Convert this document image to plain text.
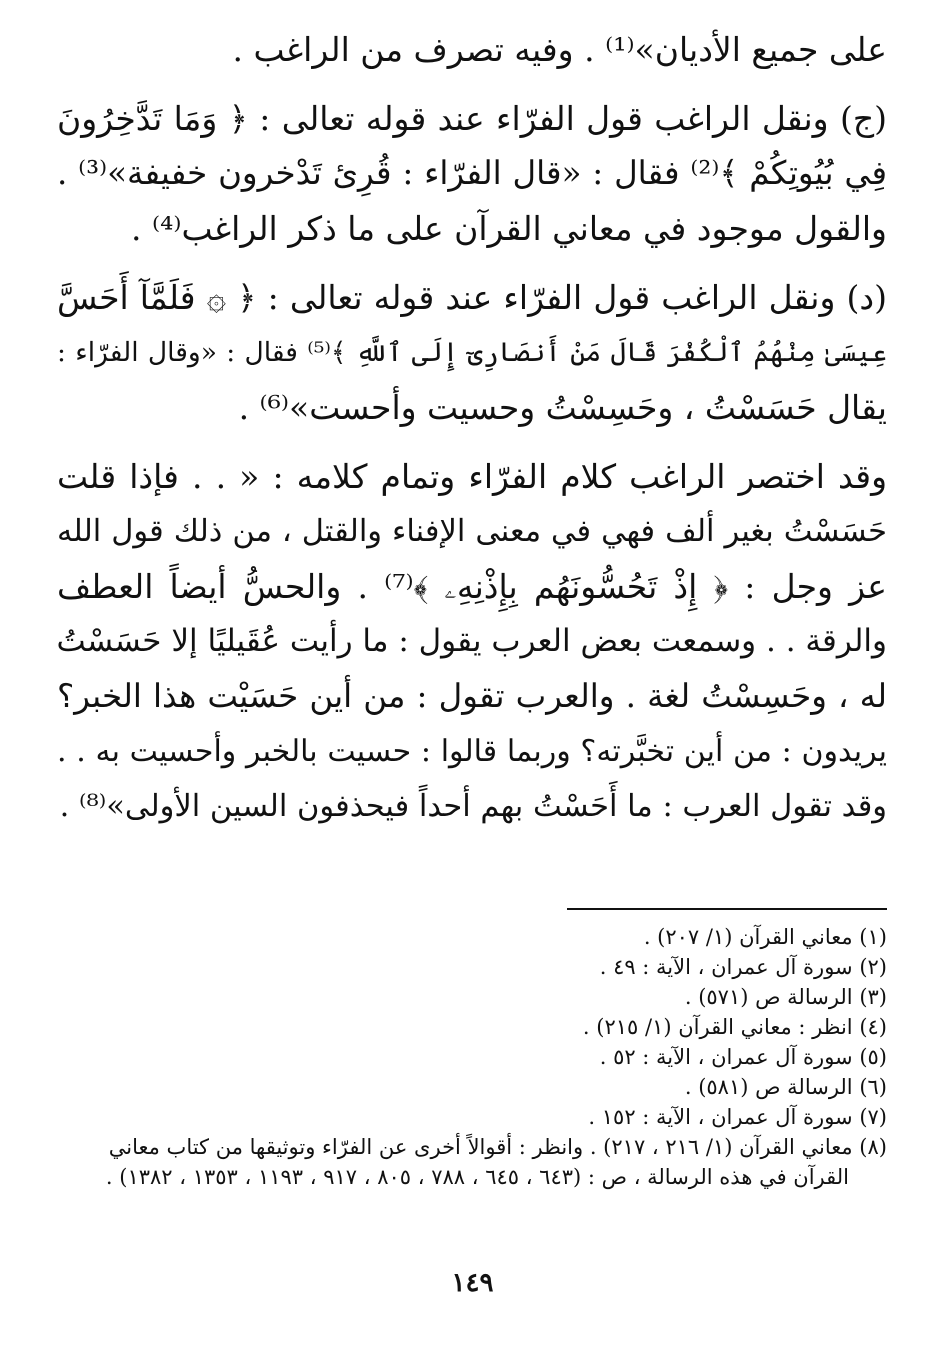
على جميع الأديان»⁽¹⁾ . وفيه تصرف من الراغب .
(ج) ونقل الراغب قول الفرّاء عند قوله تعالى : ﴿ وَمَا تَدَّخِرُونَ
فِي بُيُوتِكُمْ ﴾⁽²⁾ فقال : «قال الفرّاء : قُرِئ تَدْخرون خفيفة»⁽³⁾ .
والقول موجود في معاني القرآن على ما ذكر الراغب⁽⁴⁾ .
(د) ونقل الراغب قول الفرّاء عند قوله تعالى : ﴿ ۞ فَلَمَّآ أَحَسَّ
عِيسَىٰ مِنْهُمُ ٱلْكُفْرَ قَالَ مَنْ أَنصَارِىٓ إِلَى ٱللَّهِ ﴾⁽⁵⁾ فقال : «وقال الفرّاء :
يقال حَسَسْتُ ، وحَسِسْتُ وحسيت وأحست»⁽⁶⁾ .
وقد اختصر الراغب كلام الفرّاء وتمام كلامه : « . . فإذا قلت
حَسَسْتُ بغير ألف فهي في معنى الإفناء والقتل ، من ذلك قول الله
عز وجل : ﴿ إِذْ تَحُسُّونَهُم بِإِذْنِهِۦ ﴾⁽⁷⁾ . والحسُّ أيضاً العطف
والرقة . . وسمعت بعض العرب يقول : ما رأيت عُقَيليًا إلا حَسَسْتُ
له ، وحَسِسْتُ لغة . والعرب تقول : من أين حَسَيْت هذا الخبر؟
يريدون : من أين تخبَّرته؟ وربما قالوا : حسيت بالخبر وأحسيت به . .
وقد تقول العرب : ما أَحَسْتُ بهم أحداً فيحذفون السين الأولى»⁽⁸⁾ .
(١) معاني القرآن (١/ ٢٠٧) .
(٢) سورة آل عمران ، الآية : ٤٩ .
(٣) الرسالة ص (٥٧١) .
(٤) انظر : معاني القرآن (١/ ٢١٥) .
(٥) سورة آل عمران ، الآية : ٥٢ .
(٦) الرسالة ص (٥٨١) .
(٧) سورة آل عمران ، الآية : ١٥٢ .
(٨) معاني القرآن (١/ ٢١٦ ، ٢١٧) . وانظر : أقوالاً أخرى عن الفرّاء وتوثيقها من كتاب معاني
القرآن في هذه الرسالة ، ص : (٦٤٣ ، ٦٤٥ ، ٧٨٨ ، ٨٠٥ ، ٩١٧ ، ١١٩٣ ، ١٣٥٣ ، ١٣٨٢) .
١٤٩
